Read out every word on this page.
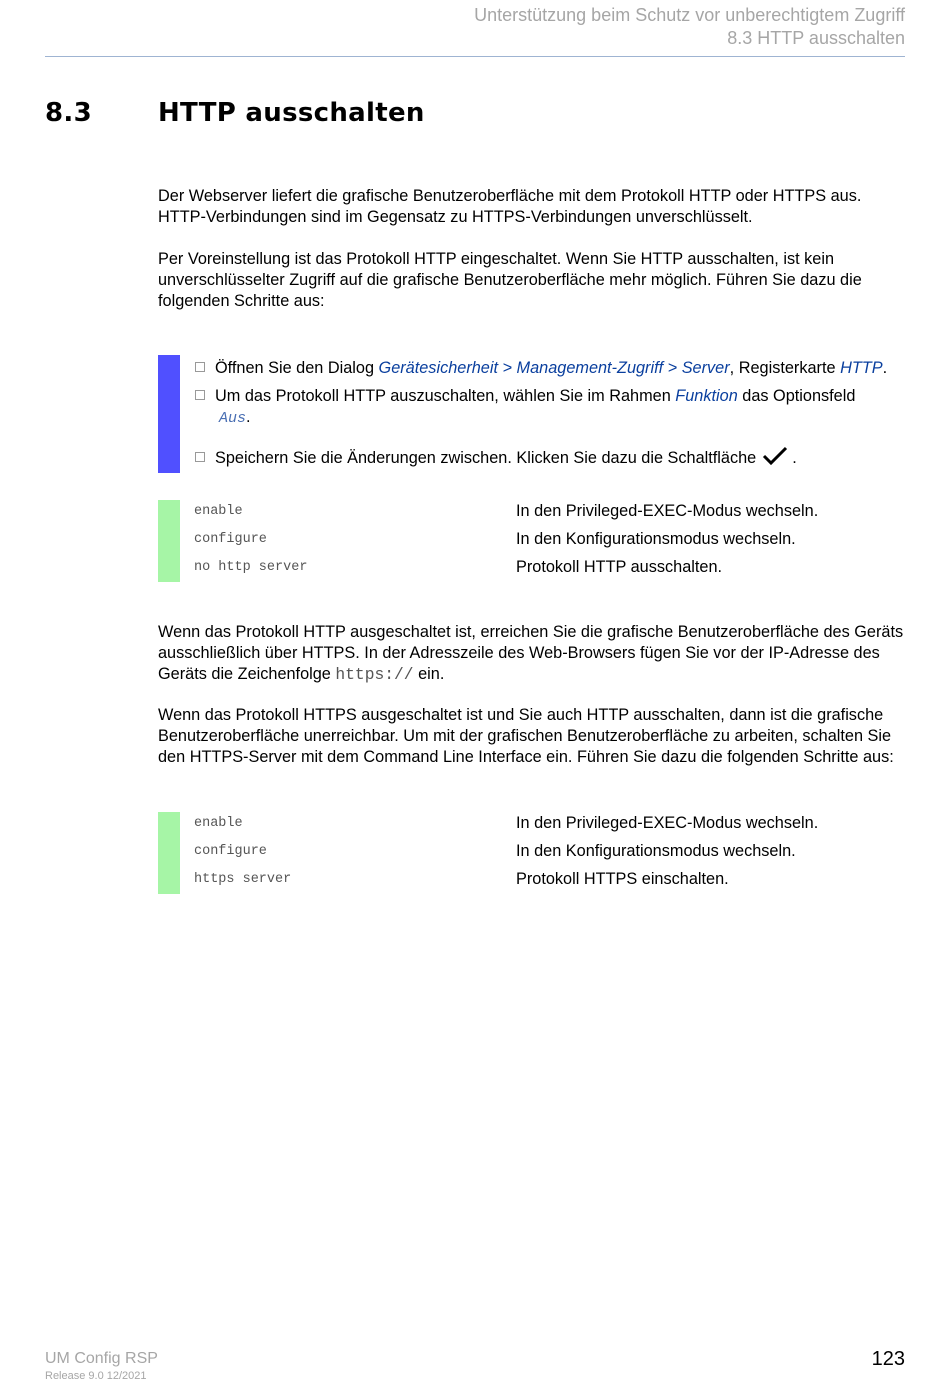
Unterstützung beim Schutz vor unberechtigtem Zugriff
8.3 HTTP ausschalten
8.3	HTTP ausschalten
Der Webserver liefert die grafische Benutzeroberfläche mit dem Protokoll HTTP oder HTTPS aus. HTTP-Verbindungen sind im Gegensatz zu HTTPS-Verbindungen unverschlüsselt.
Per Voreinstellung ist das Protokoll HTTP eingeschaltet. Wenn Sie HTTP ausschalten, ist kein unverschlüsselter Zugriff auf die grafische Benutzeroberfläche mehr möglich. Führen Sie dazu die folgenden Schritte aus:
Öffnen Sie den Dialog Gerätesicherheit > Management-Zugriff > Server, Registerkarte HTTP.
Um das Protokoll HTTP auszuschalten, wählen Sie im Rahmen Funktion das Optionsfeld
Aus.
Speichern Sie die Änderungen zwischen. Klicken Sie dazu die Schaltfläche .
enable	In den Privileged-EXEC-Modus wechseln.
configure	In den Konfigurationsmodus wechseln.
no http server	Protokoll HTTP ausschalten.
Wenn das Protokoll HTTP ausgeschaltet ist, erreichen Sie die grafische Benutzeroberfläche des Geräts ausschließlich über HTTPS. In der Adresszeile des Web-Browsers fügen Sie vor der IP-Adresse des Geräts die Zeichenfolge https:// ein.
Wenn das Protokoll HTTPS ausgeschaltet ist und Sie auch HTTP ausschalten, dann ist die grafische Benutzeroberfläche unerreichbar. Um mit der grafischen Benutzeroberfläche zu arbeiten, schalten Sie den HTTPS-Server mit dem Command Line Interface ein. Führen Sie dazu die folgenden Schritte aus:
enable	In den Privileged-EXEC-Modus wechseln.
configure	In den Konfigurationsmodus wechseln.
https server	Protokoll HTTPS einschalten.
UM Config RSP
Release 9.0 12/2021
123
